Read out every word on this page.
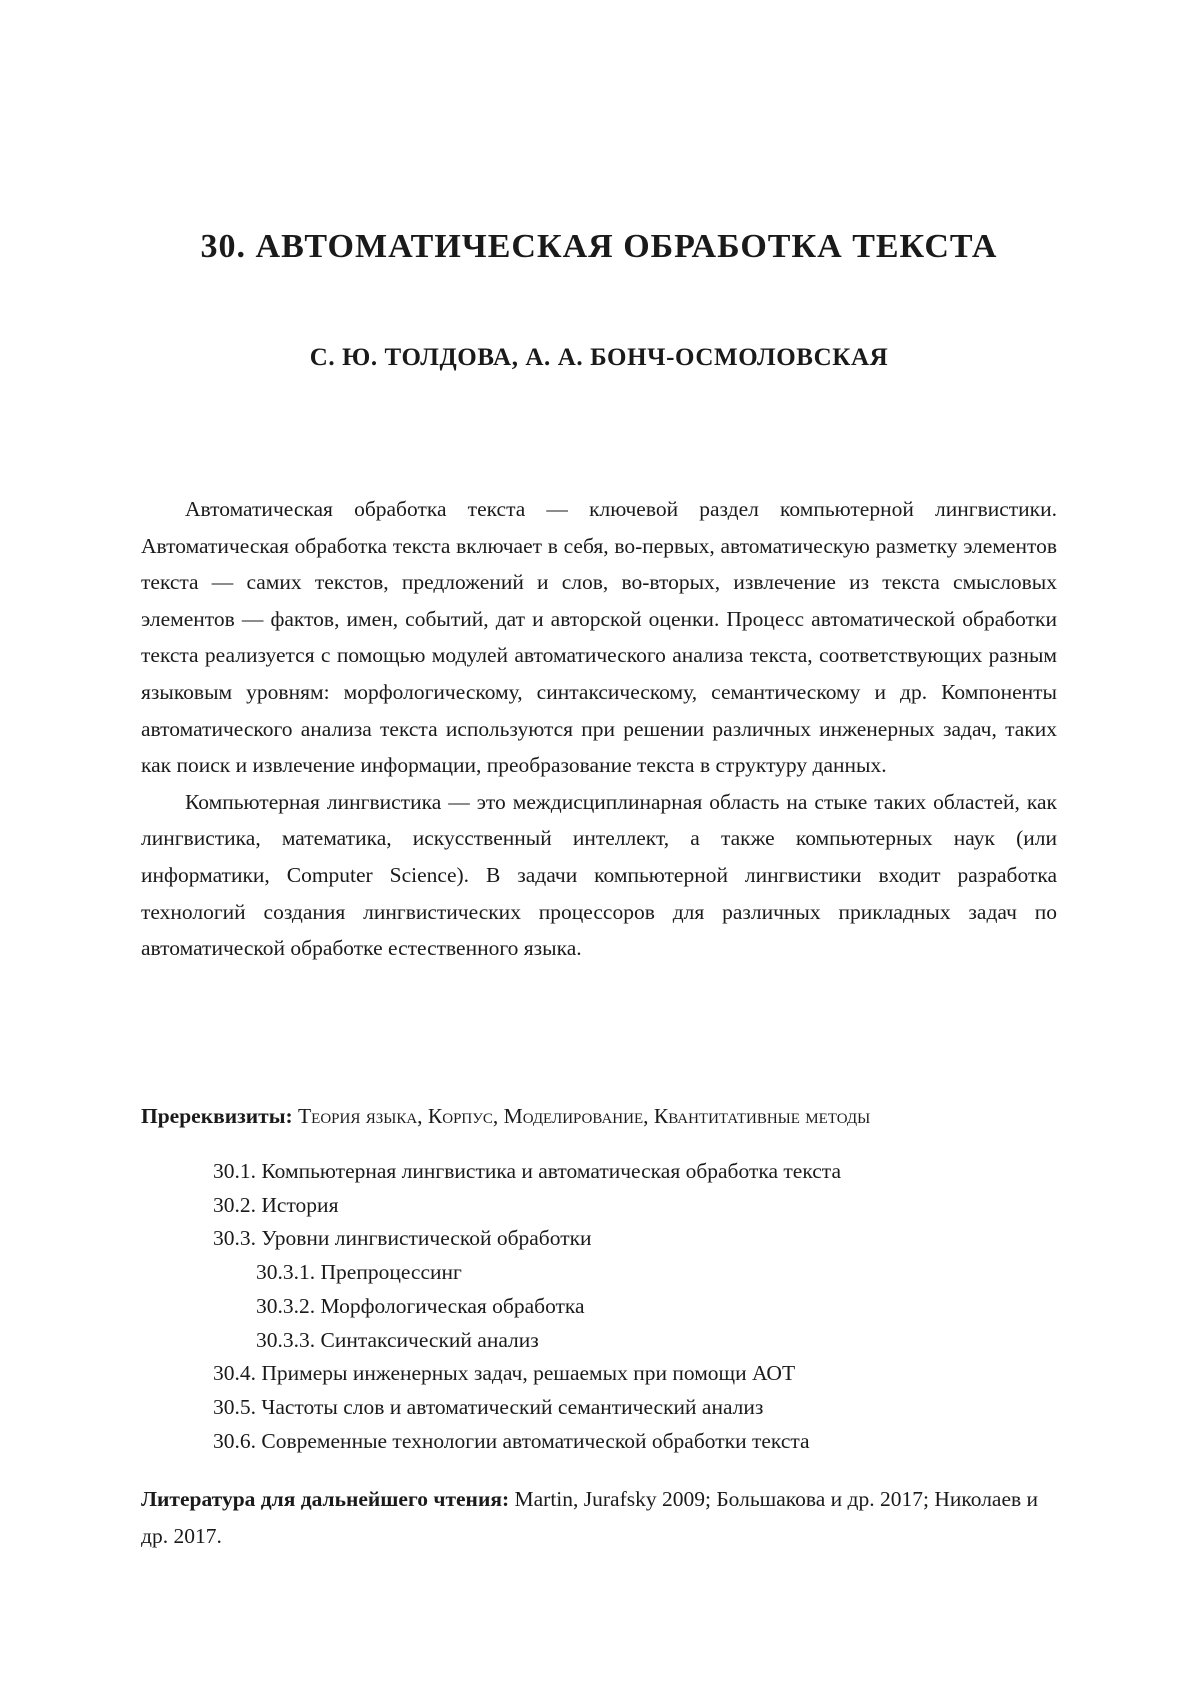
30. АВТОМАТИЧЕСКАЯ ОБРАБОТКА ТЕКСТА
С. Ю. ТОЛДОВА, А. А. БОНЧ-ОСМОЛОВСКАЯ

Автоматическая обработка текста — ключевой раздел компьютерной лингвистики. Автоматическая обработка текста включает в себя, во-первых, автоматическую разметку элементов текста — самих текстов, предложений и слов, во-вторых, извлечение из текста смысловых элементов — фактов, имен, событий, дат и авторской оценки. Процесс автоматической обработки текста реализуется с помощью модулей автоматического анализа текста, соответствующих разным языковым уровням: морфологическому, синтаксическому, семантическому и др. Компоненты автоматического анализа текста используются при решении различных инженерных задач, таких как поиск и извлечение информации, преобразование текста в структуру данных.

Компьютерная лингвистика — это междисциплинарная область на стыке таких областей, как лингвистика, математика, искусственный интеллект, а также компьютерных наук (или информатики, Computer Science). В задачи компьютерной лингвистики входит разработка технологий создания лингвистических процессоров для различных прикладных задач по автоматической обработке естественного языка.

Пререквизиты: Теория языка, Корпус, Моделирование, Квантитативные методы

30.1. Компьютерная лингвистика и автоматическая обработка текста
30.2. История
30.3. Уровни лингвистической обработки
30.3.1. Препроцессинг
30.3.2. Морфологическая обработка
30.3.3. Синтаксический анализ
30.4. Примеры инженерных задач, решаемых при помощи АОТ
30.5. Частоты слов и автоматический семантический анализ
30.6. Современные технологии автоматической обработки текста

Литература для дальнейшего чтения: Martin, Jurafsky 2009; Большакова и др. 2017; Николаев и др. 2017.
